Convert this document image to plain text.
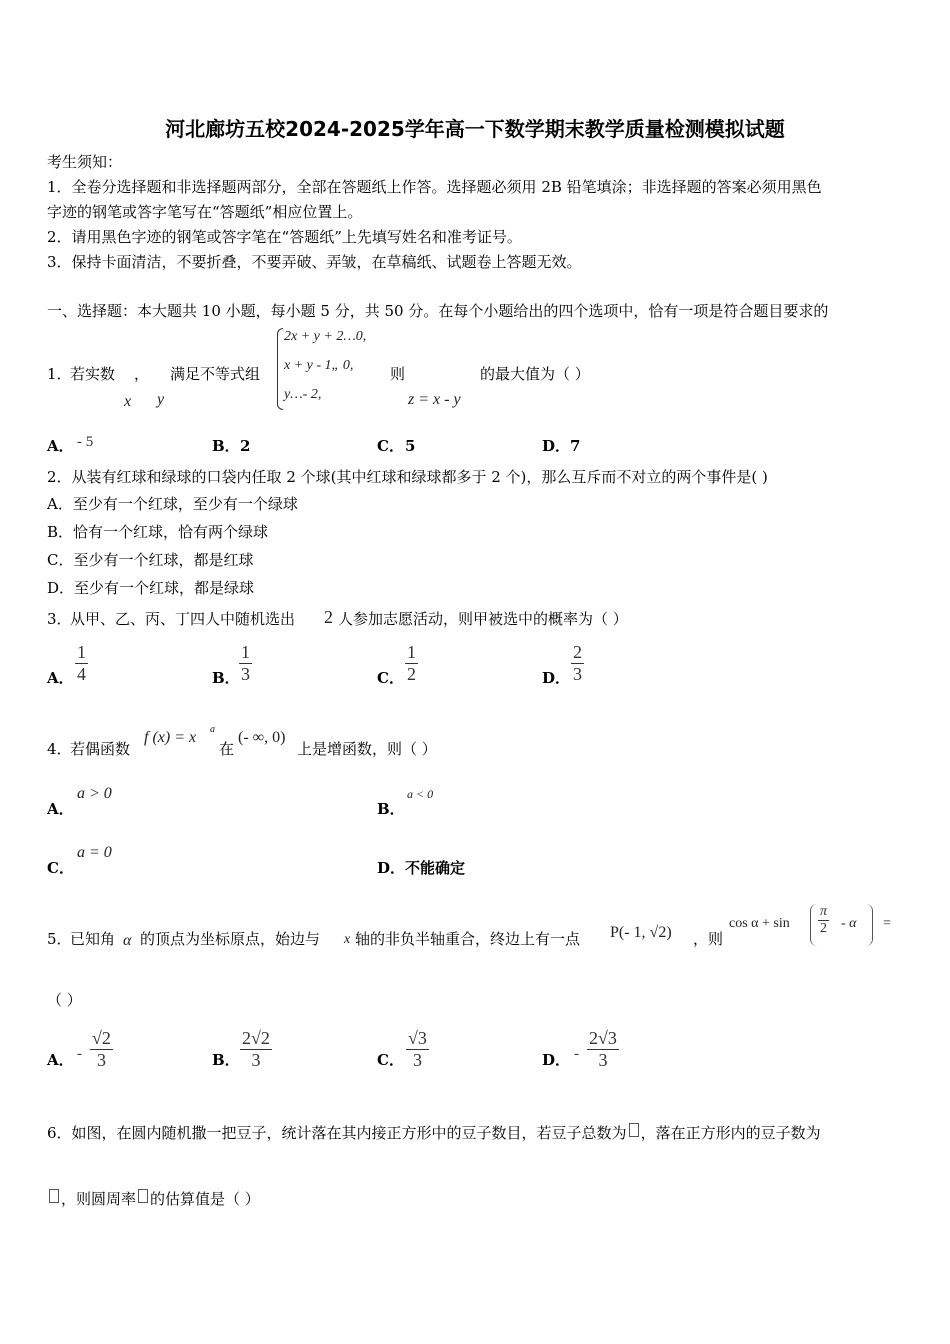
河北廊坊五校2024-2025学年高一下数学期末教学质量检测模拟试题
考生须知：
1．全卷分选择题和非选择题两部分，全部在答题纸上作答。选择题必须用 2B 铅笔填涂；非选择题的答案必须用黑色
字迹的钢笔或答字笔写在“答题纸”相应位置上。
2．请用黑色字迹的钢笔或答字笔在“答题纸”上先填写姓名和准考证号。
3．保持卡面清洁，不要折叠，不要弄破、弄皱，在草稿纸、试题卷上答题无效。
一、选择题：本大题共 10 小题，每小题 5 分，共 50 分。在每个小题给出的四个选项中，恰有一项是符合题目要求的
1．
若实数 ， 满足不等式组
x y
2x + y + 2…0,
x + y - 1„ 0,
y…- 2,
则
z = x - y
的最大值为（ ）
A． - 5	B． 2	C． 5	D． 7
2．从装有红球和绿球的口袋内任取 2 个球(其中红球和绿球都多于 2 个)，那么互斥而不对立的两个事件是( )
A．至少有一个红球，至少有一个绿球
B．恰有一个红球，恰有两个绿球
C．至少有一个红球，都是红球
D．至少有一个红球，都是绿球
3．
从甲、乙、丙、丁四人中随机选出 2 人参加志愿活动，则甲被选中的概率为（ ）
A． $\frac{1}{4}$	B． $\frac{1}{3}$	C． $\frac{1}{2}$	D． $\frac{2}{3}$
4．
若偶函数
f (x) = x a
在
(- ∞, 0)
上是增函数，则（ ）
A．
a > 0
B．
a < 0
C．
a = 0
D． 不能确定
5．
已知角 α 的顶点为坐标原点，始边与 x 轴的非负半轴重合，终边上有一点 P(- 1, √2) ，则
$\cos \alpha + \sin \frac{\pi}{2} - \alpha$ =
（ ）
A． - $\frac{√2}{3}$	B． $\frac{2√2}{3}$	C． $\frac{√3}{3}$	D． - $\frac{2√3}{3}$
6．如图，在圆内随机撒一把豆子，统计落在其内接正方形中的豆子数目，若豆子总数为 ，落在正方形内的豆子数为
，则圆周率 的估算值是（ ）
